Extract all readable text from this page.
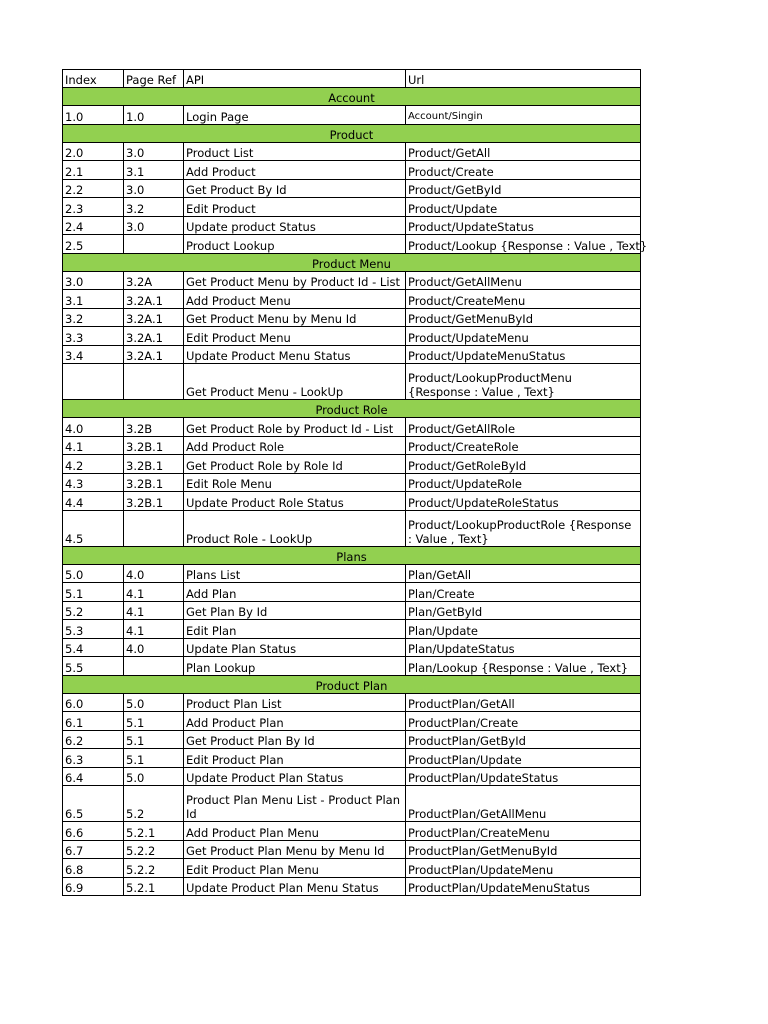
Index	Page Ref	API	Url
Account			
1.0	1.0	Login Page	Account/Singin
Product			
2.0	3.0	Product List	Product/GetAll
2.1	3.1	Add Product	Product/Create
2.2	3.0	Get Product By Id	Product/GetById
2.3	3.2	Edit Product	Product/Update
2.4	3.0	Update product Status	Product/UpdateStatus
2.5		Product Lookup	Product/Lookup {Response : Value , Text}
Product Menu			
3.0	3.2A	Get Product Menu by Product Id - List	Product/GetAllMenu
3.1	3.2A.1	Add Product Menu	Product/CreateMenu
3.2	3.2A.1	Get Product Menu by Menu Id	Product/GetMenuById
3.3	3.2A.1	Edit Product Menu	Product/UpdateMenu
3.4	3.2A.1	Update Product Menu Status	Product/UpdateMenuStatus
		Get Product Menu - LookUp	Product/LookupProductMenu {Response : Value , Text}
Product Role			
4.0	3.2B	Get Product Role by Product Id - List	Product/GetAllRole
4.1	3.2B.1	Add Product Role	Product/CreateRole
4.2	3.2B.1	Get Product Role by Role Id	Product/GetRoleById
4.3	3.2B.1	Edit Role Menu	Product/UpdateRole
4.4	3.2B.1	Update Product Role Status	Product/UpdateRoleStatus
4.5		Product Role - LookUp	Product/LookupProductRole {Response : Value , Text}
Plans			
5.0	4.0	Plans List	Plan/GetAll
5.1	4.1	Add Plan	Plan/Create
5.2	4.1	Get Plan By Id	Plan/GetById
5.3	4.1	Edit Plan	Plan/Update
5.4	4.0	Update Plan Status	Plan/UpdateStatus
5.5		Plan Lookup	Plan/Lookup {Response : Value , Text}
Product Plan			
6.0	5.0	Product Plan List	ProductPlan/GetAll
6.1	5.1	Add Product Plan	ProductPlan/Create
6.2	5.1	Get Product Plan By Id	ProductPlan/GetById
6.3	5.1	Edit Product Plan	ProductPlan/Update
6.4	5.0	Update Product Plan Status	ProductPlan/UpdateStatus
6.5	5.2	Product Plan Menu List - Product Plan Id	ProductPlan/GetAllMenu
6.6	5.2.1	Add Product Plan Menu	ProductPlan/CreateMenu
6.7	5.2.2	Get Product Plan Menu by Menu Id	ProductPlan/GetMenuById
6.8	5.2.2	Edit Product Plan Menu	ProductPlan/UpdateMenu
6.9	5.2.1	Update Product Plan Menu Status	ProductPlan/UpdateMenuStatus
